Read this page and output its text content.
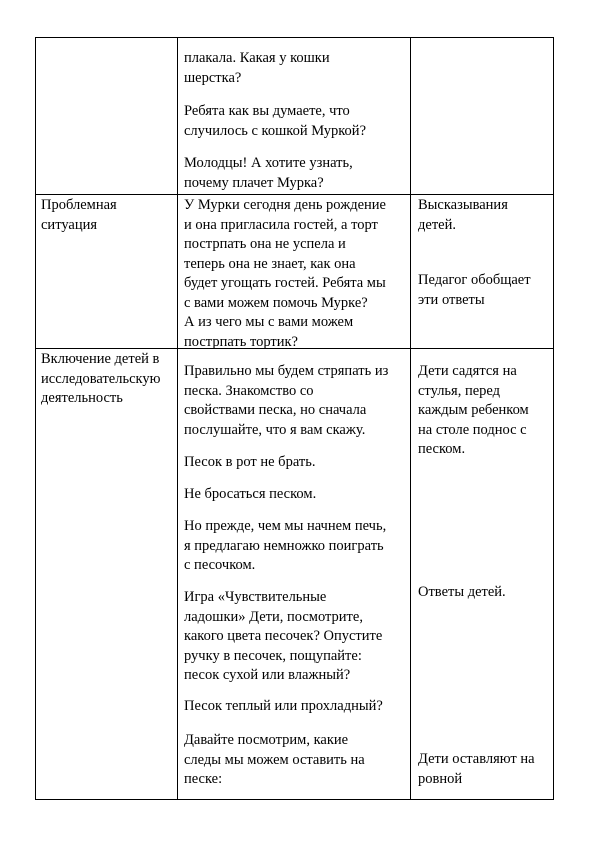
плакала. Какая у кошки
шерстка?
Ребята как вы думаете, что
случилось с кошкой Муркой?
Молодцы! А хотите узнать,
почему плачет Мурка?
Проблемная
ситуация
У Мурки сегодня день рождение
и она пригласила гостей, а торт
пострпать она не успела и
теперь она не знает, как она
будет угощать гостей. Ребята мы
с вами можем помочь Мурке?
А из чего мы с вами можем
пострпать тортик?
Высказывания
детей.
Педагог обобщает
эти ответы
Включение детей в
исследовательскую
деятельность
Правильно мы будем стряпать из
песка. Знакомство со
свойствами песка, но сначала
послушайте, что я вам скажу.
Песок в рот не брать.
Не бросаться песком.
Но прежде, чем мы начнем печь,
я предлагаю немножко поиграть
с песочком.
Игра «Чувствительные
ладошки» Дети, посмотрите,
какого цвета песочек? Опустите
ручку в песочек, пощупайте:
песок сухой или влажный?
Песок теплый или прохладный?
Давайте посмотрим, какие
следы мы можем оставить на
песке:
Дети садятся на
стулья, перед
каждым ребенком
на столе поднос с
песком.
Ответы детей.
Дети оставляют на
ровной
